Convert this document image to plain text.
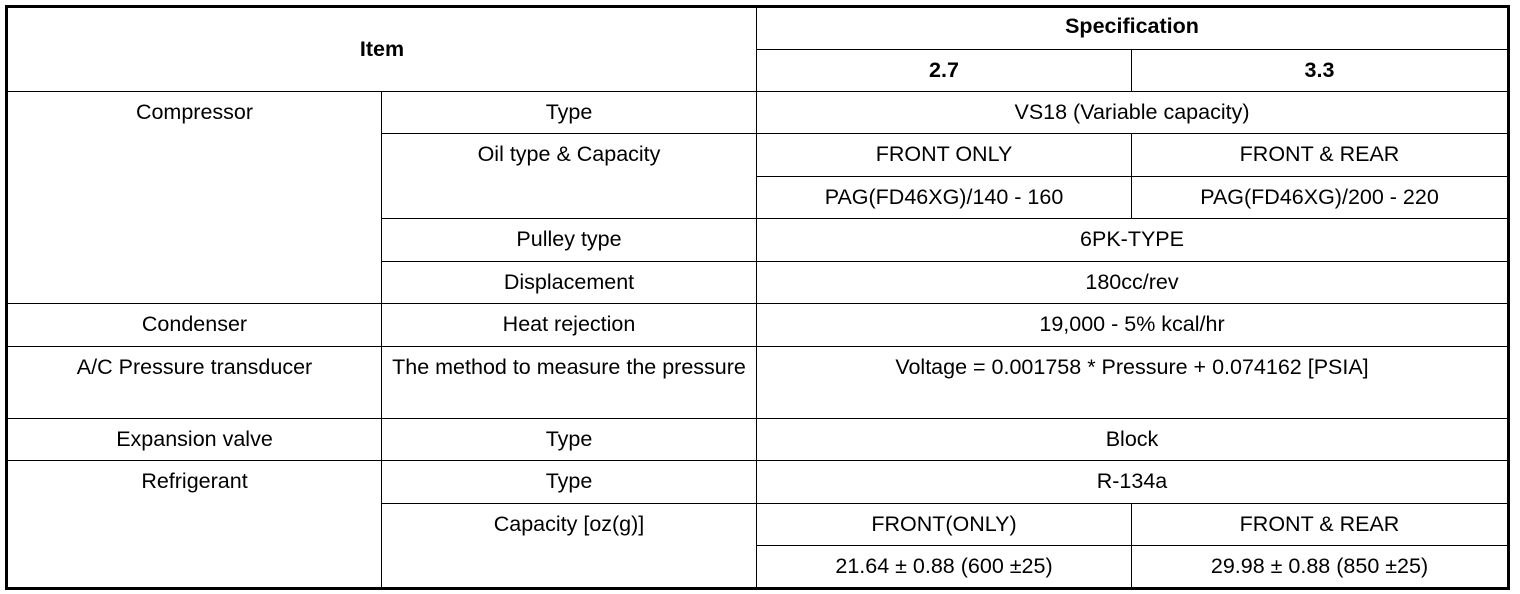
Item		Specification	
		2.7	3.3
Compressor	Type	VS18 (Variable capacity)	
	Oil type & Capacity	FRONT ONLY	FRONT & REAR
		PAG(FD46XG)/140 - 160	PAG(FD46XG)/200 - 220
	Pulley type	6PK-TYPE	
	Displacement	180cc/rev	
Condenser	Heat rejection	19,000 - 5% kcal/hr	
A/C Pressure transducer	The method to measure the pressure	Voltage = 0.001758 * Pressure + 0.074162 [PSIA]	
Expansion valve	Type	Block	
Refrigerant	Type	R-134a	
	Capacity [oz(g)]	FRONT(ONLY)	FRONT & REAR
		21.64 ± 0.88 (600 ±25)	29.98 ± 0.88 (850 ±25)
